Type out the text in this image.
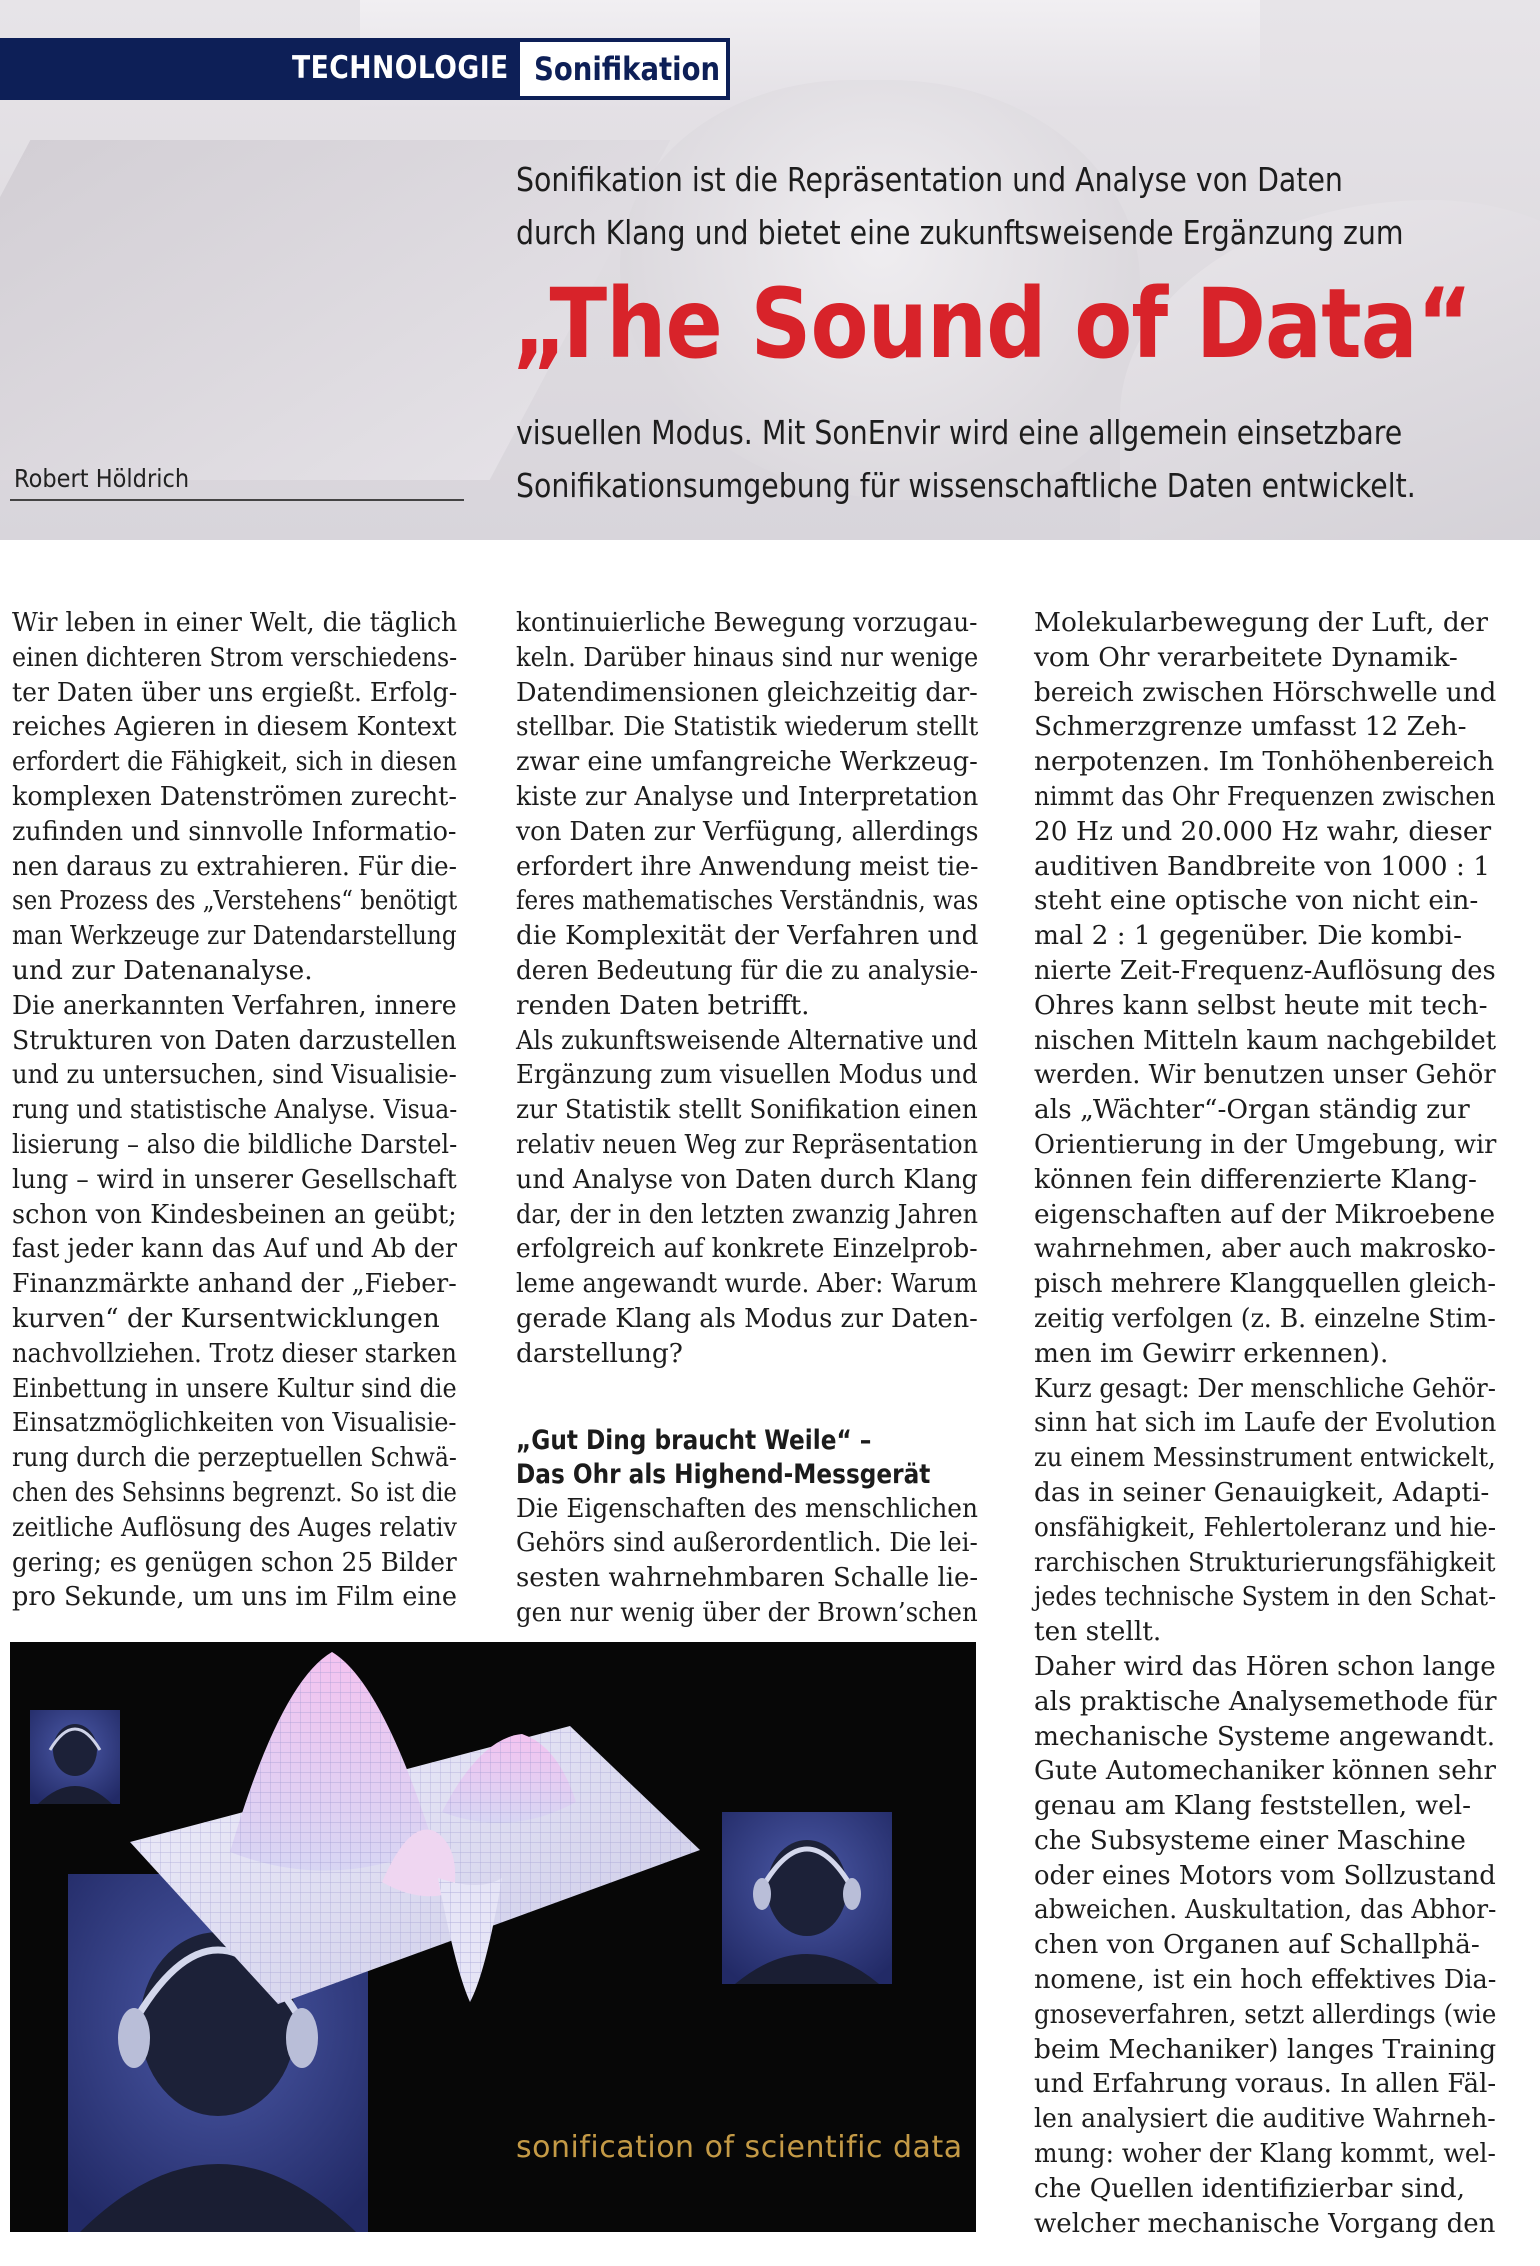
TECHNOLOGIE Sonifikation
Sonifikation ist die Repräsentation und Analyse von Daten
durch Klang und bietet eine zukunftsweisende Ergänzung zum
„The Sound of Data“
visuellen Modus. Mit SonEnvir wird eine allgemein einsetzbare
Sonifikationsumgebung für wissenschaftliche Daten entwickelt.
Robert Höldrich
Wir leben in einer Welt, die täglich
einen dichteren Strom verschiedens-
ter Daten über uns ergießt. Erfolg-
reiches Agieren in diesem Kontext
erfordert die Fähigkeit, sich in diesen
komplexen Datenströmen zurecht-
zufinden und sinnvolle Informatio-
nen daraus zu extrahieren. Für die-
sen Prozess des „Verstehens“ benötigt
man Werkzeuge zur Datendarstellung
und zur Datenanalyse.
Die anerkannten Verfahren, innere
Strukturen von Daten darzustellen
und zu untersuchen, sind Visualisie-
rung und statistische Analyse. Visua-
lisierung – also die bildliche Darstel-
lung – wird in unserer Gesellschaft
schon von Kindesbeinen an geübt;
fast jeder kann das Auf und Ab der
Finanzmärkte anhand der „Fieber-
kurven“ der Kursentwicklungen
nachvollziehen. Trotz dieser starken
Einbettung in unsere Kultur sind die
Einsatzmöglichkeiten von Visualisie-
rung durch die perzeptuellen Schwä-
chen des Sehsinns begrenzt. So ist die
zeitliche Auflösung des Auges relativ
gering; es genügen schon 25 Bilder
pro Sekunde, um uns im Film eine
kontinuierliche Bewegung vorzugau-
keln. Darüber hinaus sind nur wenige
Datendimensionen gleichzeitig dar-
stellbar. Die Statistik wiederum stellt
zwar eine umfangreiche Werkzeug-
kiste zur Analyse und Interpretation
von Daten zur Verfügung, allerdings
erfordert ihre Anwendung meist tie-
feres mathematisches Verständnis, was
die Komplexität der Verfahren und
deren Bedeutung für die zu analysie-
renden Daten betrifft.
Als zukunftsweisende Alternative und
Ergänzung zum visuellen Modus und
zur Statistik stellt Sonifikation einen
relativ neuen Weg zur Repräsentation
und Analyse von Daten durch Klang
dar, der in den letzten zwanzig Jahren
erfolgreich auf konkrete Einzelprob-
leme angewandt wurde. Aber: Warum
gerade Klang als Modus zur Daten-
darstellung?
„Gut Ding braucht Weile“ –
Das Ohr als Highend-Messgerät
Die Eigenschaften des menschlichen
Gehörs sind außerordentlich. Die lei-
sesten wahrnehmbaren Schalle lie-
gen nur wenig über der Brown’schen
Molekularbewegung der Luft, der
vom Ohr verarbeitete Dynamik-
bereich zwischen Hörschwelle und
Schmerzgrenze umfasst 12 Zeh-
nerpotenzen. Im Tonhöhenbereich
nimmt das Ohr Frequenzen zwischen
20 Hz und 20.000 Hz wahr, dieser
auditiven Bandbreite von 1000 : 1
steht eine optische von nicht ein-
mal 2 : 1 gegenüber. Die kombi-
nierte Zeit-Frequenz-Auflösung des
Ohres kann selbst heute mit tech-
nischen Mitteln kaum nachgebildet
werden. Wir benutzen unser Gehör
als „Wächter“-Organ ständig zur
Orientierung in der Umgebung, wir
können fein differenzierte Klang-
eigenschaften auf der Mikroebene
wahrnehmen, aber auch makrosko-
pisch mehrere Klangquellen gleich-
zeitig verfolgen (z. B. einzelne Stim-
men im Gewirr erkennen).
Kurz gesagt: Der menschliche Gehör-
sinn hat sich im Laufe der Evolution
zu einem Messinstrument entwickelt,
das in seiner Genauigkeit, Adapti-
onsfähigkeit, Fehlertoleranz und hie-
rarchischen Strukturierungsfähigkeit
jedes technische System in den Schat-
ten stellt.
Daher wird das Hören schon lange
als praktische Analysemethode für
mechanische Systeme angewandt.
Gute Automechaniker können sehr
genau am Klang feststellen, wel-
che Subsysteme einer Maschine
oder eines Motors vom Sollzustand
abweichen. Auskultation, das Abhor-
chen von Organen auf Schallphä-
nomene, ist ein hoch effektives Dia-
gnoseverfahren, setzt allerdings (wie
beim Mechaniker) langes Training
und Erfahrung voraus. In allen Fäl-
len analysiert die auditive Wahrneh-
mung: woher der Klang kommt, wel-
che Quellen identifizierbar sind,
welcher mechanische Vorgang den
sonification of scientific data
